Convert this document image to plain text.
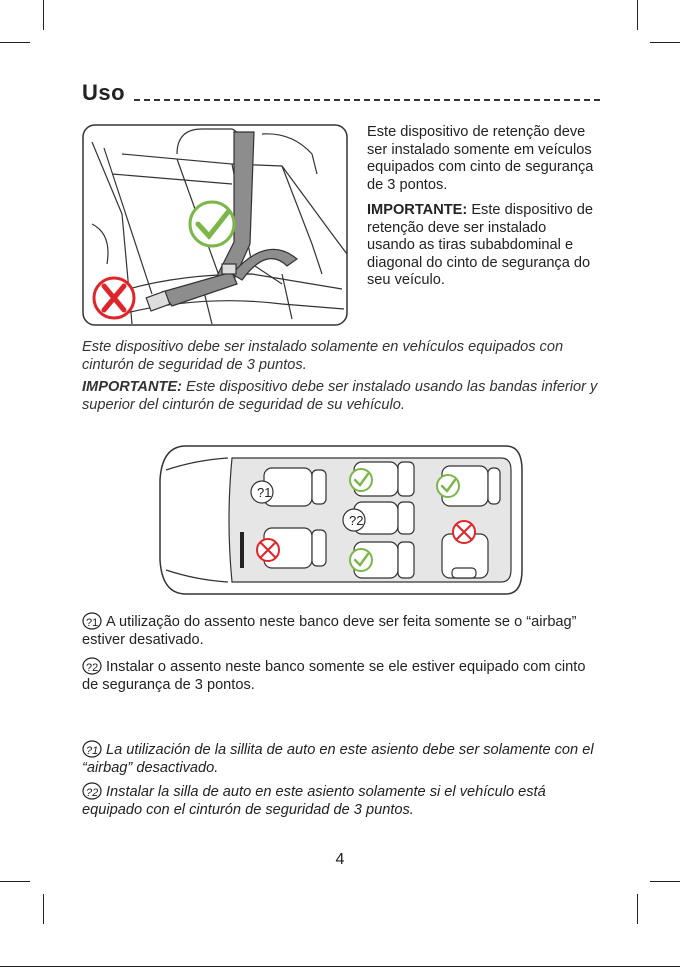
Uso

Este dispositivo de retenção deve ser instalado somente em veículos equipados com cinto de segurança de 3 pontos.

IMPORTANTE: Este dispositivo de retenção deve ser instalado usando as tiras subabdominal e diagonal do cinto de segurança do seu veículo.

Este dispositivo debe ser instalado solamente en vehículos equipados con cinturón de seguridad de 3 puntos.

IMPORTANTE: Este dispositivo debe ser instalado usando las bandas inferior y superior del cinturón de seguridad de su vehículo.

?1
?2
?1 A utilização do assento neste banco deve ser feita somente se o “airbag” estiver desativado.
?2 Instalar o assento neste banco somente se ele estiver equipado com cinto de segurança de 3 pontos.
?1 La utilización de la sillita de auto en este asiento debe ser solamente con el “airbag” desactivado.
?2 Instalar la silla de auto en este asiento solamente si el vehículo está equipado con el cinturón de seguridad de 3 puntos.
4
